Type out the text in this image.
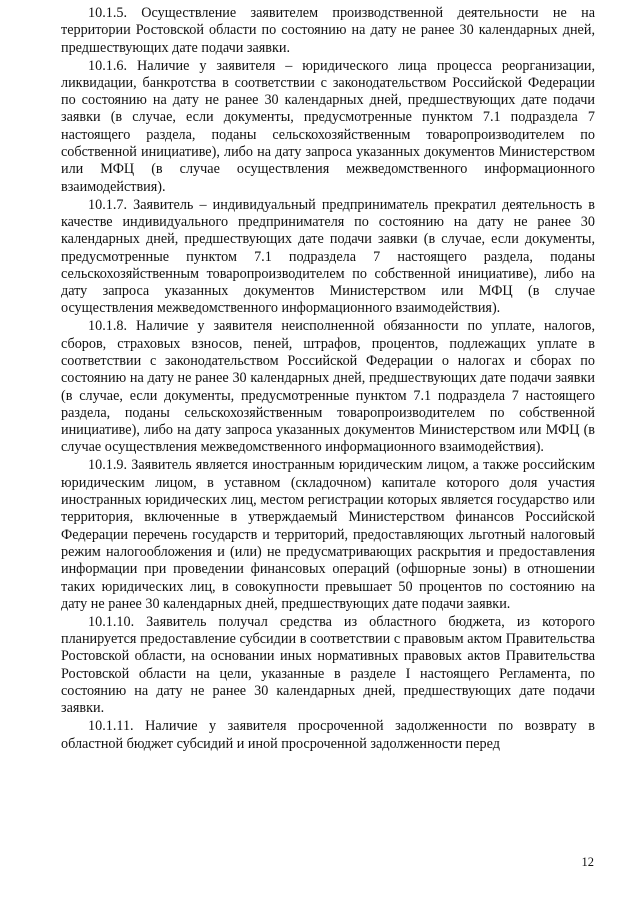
10.1.5. Осуществление заявителем производственной деятельности не на территории Ростовской области по состоянию на дату не ранее 30 календарных дней, предшествующих дате подачи заявки.

10.1.6. Наличие у заявителя – юридического лица процесса реорганизации, ликвидации, банкротства в соответствии с законодательством Российской Федерации по состоянию на дату не ранее 30 календарных дней, предшествующих дате подачи заявки (в случае, если документы, предусмотренные пунктом 7.1 подраздела 7 настоящего раздела, поданы сельскохозяйственным товаропроизводителем по собственной инициативе), либо на дату запроса указанных документов Министерством или МФЦ (в случае осуществления межведомственного информационного взаимодействия).

10.1.7. Заявитель – индивидуальный предприниматель прекратил деятельность в качестве индивидуального предпринимателя по состоянию на дату не ранее 30 календарных дней, предшествующих дате подачи заявки (в случае, если документы, предусмотренные пунктом 7.1 подраздела 7 настоящего раздела, поданы сельскохозяйственным товаропроизводителем по собственной инициативе), либо на дату запроса указанных документов Министерством или МФЦ (в случае осуществления межведомственного информационного взаимодействия).

10.1.8. Наличие у заявителя неисполненной обязанности по уплате, налогов, сборов, страховых взносов, пеней, штрафов, процентов, подлежащих уплате в соответствии с законодательством Российской Федерации о налогах и сборах по состоянию на дату не ранее 30 календарных дней, предшествующих дате подачи заявки (в случае, если документы, предусмотренные пунктом 7.1 подраздела 7 настоящего раздела, поданы сельскохозяйственным товаропроизводителем по собственной инициативе), либо на дату запроса указанных документов Министерством или МФЦ (в случае осуществления межведомственного информационного взаимодействия).

10.1.9. Заявитель является иностранным юридическим лицом, а также российским юридическим лицом, в уставном (складочном) капитале которого доля участия иностранных юридических лиц, местом регистрации которых является государство или территория, включенные в утверждаемый Министерством финансов Российской Федерации перечень государств и территорий, предоставляющих льготный налоговый режим налогообложения и (или) не предусматривающих раскрытия и предоставления информации при проведении финансовых операций (офшорные зоны) в отношении таких юридических лиц, в совокупности превышает 50 процентов по состоянию на дату не ранее 30 календарных дней, предшествующих дате подачи заявки.

10.1.10. Заявитель получал средства из областного бюджета, из которого планируется предоставление субсидии в соответствии с правовым актом Правительства Ростовской области, на основании иных нормативных правовых актов Правительства Ростовской области на цели, указанные в разделе I настоящего Регламента, по состоянию на дату не ранее 30 календарных дней, предшествующих дате подачи заявки.

10.1.11. Наличие у заявителя просроченной задолженности по возврату в областной бюджет субсидий и иной просроченной задолженности перед

12
